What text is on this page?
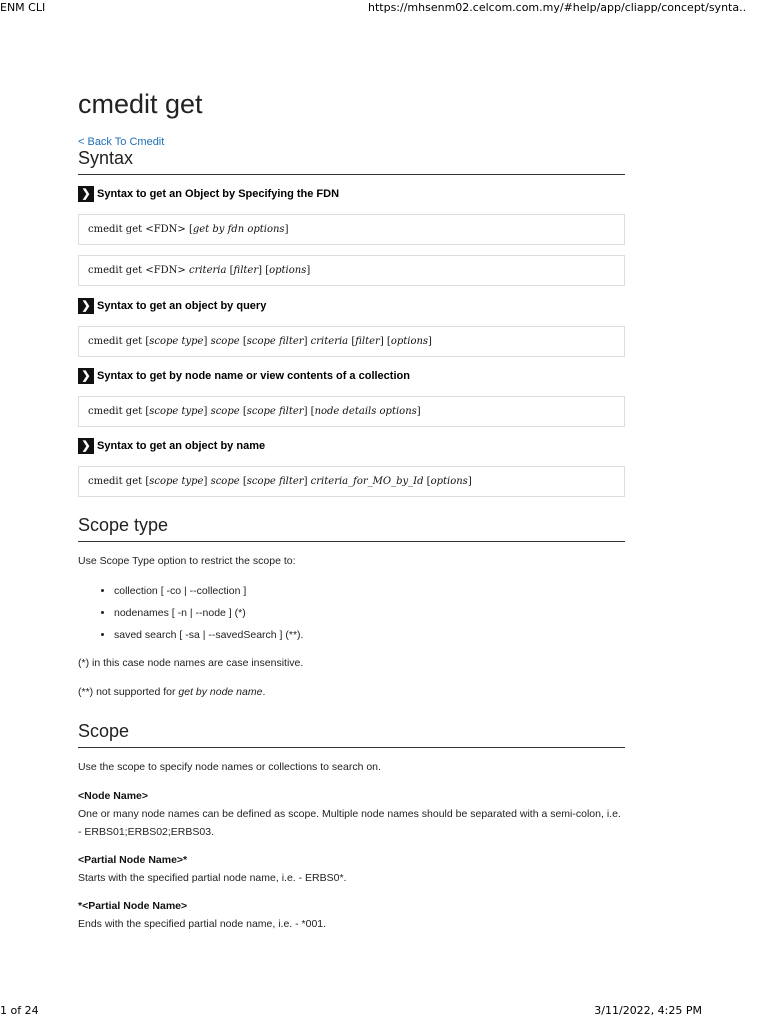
ENM CLI	https://mhsenm02.celcom.com.my/#help/app/cliapp/concept/synta..
cmedit get
< Back To Cmedit
Syntax
❯ Syntax to get an Object by Specifying the FDN
cmedit get <FDN> [ get by fdn options ]
cmedit get <FDN> criteria [ filter ] [ options ]
❯ Syntax to get an object by query
cmedit get [ scope type ] scope [ scope filter ] criteria [ filter ] [ options ]
❯ Syntax to get by node name or view contents of a collection
cmedit get [ scope type ] scope [ scope filter ] [ node details options ]
❯ Syntax to get an object by name
cmedit get [ scope type ] scope [ scope filter ] criteria_for_MO_by_Id [ options ]
Scope type

Use Scope Type option to restrict the scope to:

• collection [ -co | --collection ]
• nodenames [ -n | --node ] (*)
• saved search [ -sa | --savedSearch ] (**).

(*) in this case node names are case insensitive.

(**) not supported for get by node name.

Scope

Use the scope to specify node names or collections to search on.

<Node Name>

One or many node names can be defined as scope. Multiple node names should be separated with a semi-colon, i.e. - ERBS01;ERBS02;ERBS03.

<Partial Node Name>*

Starts with the specified partial node name, i.e. - ERBS0*.

*<Partial Node Name>

Ends with the specified partial node name, i.e. - *001.

1 of 24	3/11/2022, 4:25 PM
